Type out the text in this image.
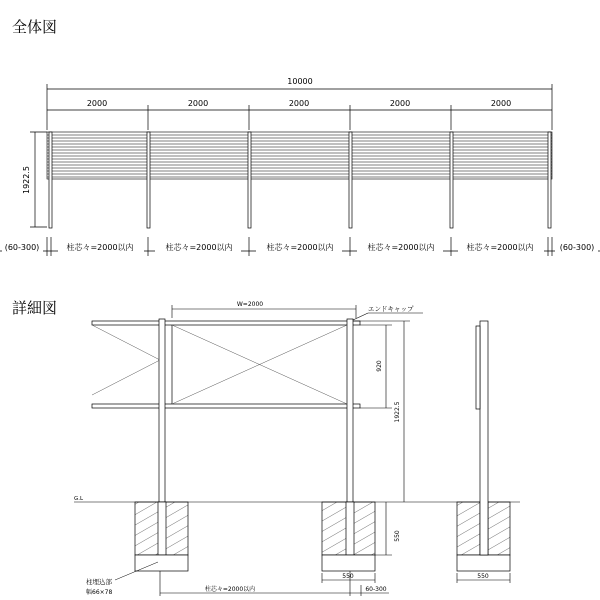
全体図
10000
2000	2000	2000	2000	2000
1922.5
(60-300)	柱芯々=2000以内	柱芯々=2000以内	柱芯々=2000以内	柱芯々=2000以内	柱芯々=2000以内	(60-300)
詳細図	W=2000
エンドキャップ
920
1922.5
G.L
550
550	550
柱芯々=2000以内	60-300
柱埋込部
幅66×78
